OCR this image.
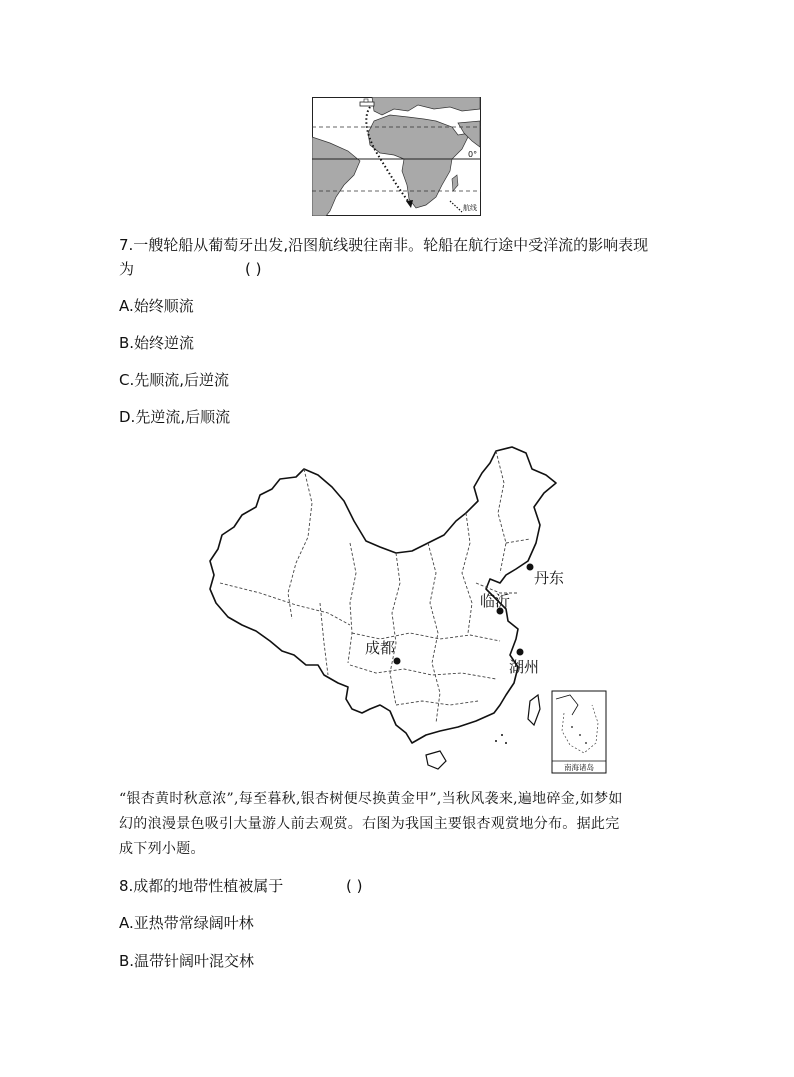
0°
航线
7.一艘轮船从葡萄牙出发,沿图航线驶往南非。轮船在航行途中受洋流的影响表现
为	( )
A.始终顺流
B.始终逆流
C.先顺流,后逆流
D.先逆流,后顺流
南海诸岛
丹东
临沂
成都
湖州
“银杏黄时秋意浓”,每至暮秋,银杏树便尽换黄金甲”,当秋风袭来,遍地碎金,如梦如
幻的浪漫景色吸引大量游人前去观赏。右图为我国主要银杏观赏地分布。据此完
成下列小题。
8.成都的地带性植被属于	( )
A.亚热带常绿阔叶林
B.温带针阔叶混交林
